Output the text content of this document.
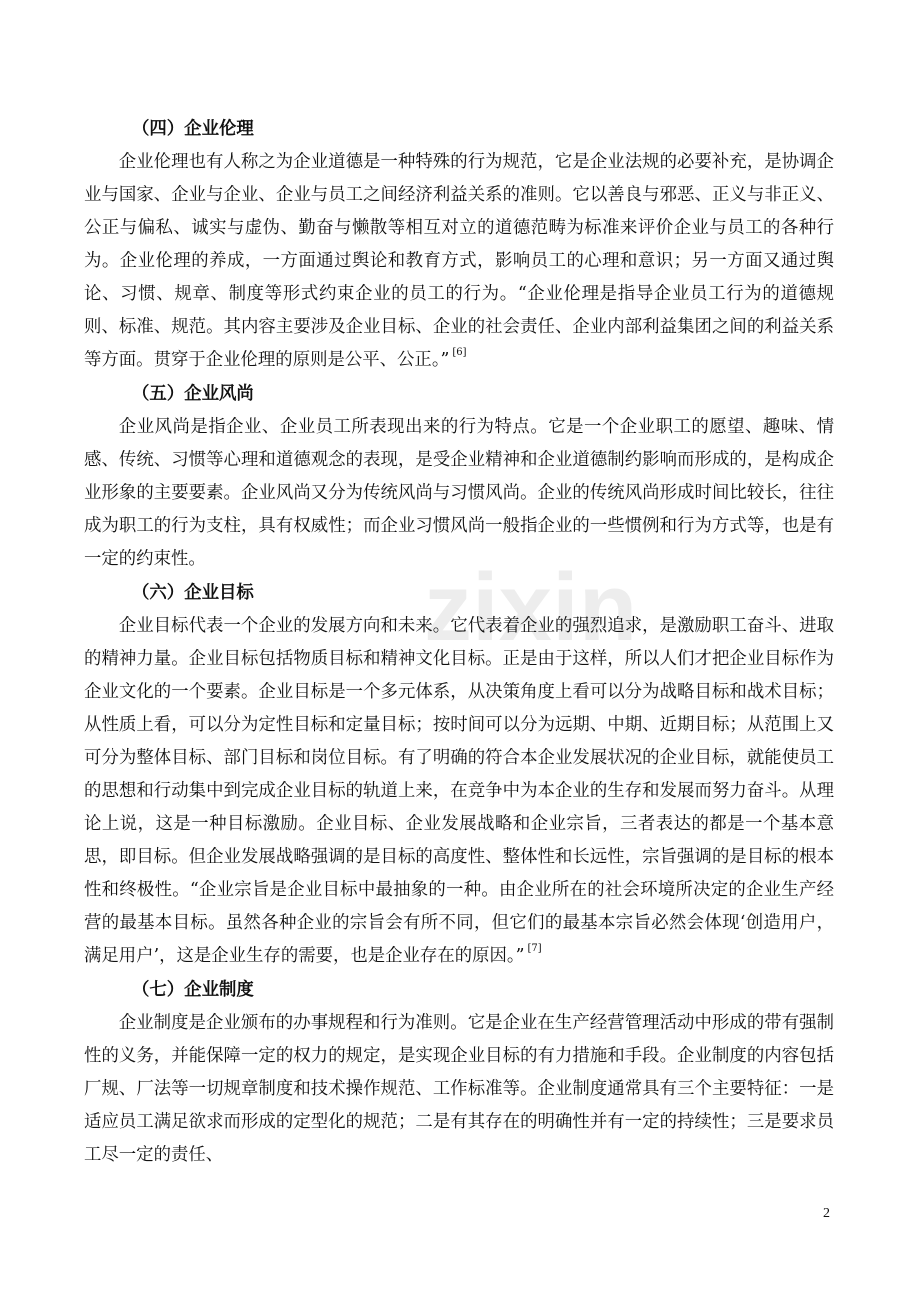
zixin
（四）企业伦理

企业伦理也有人称之为企业道德是一种特殊的行为规范，它是企业法规的必要补充，是协调企业与国家、企业与企业、企业与员工之间经济利益关系的准则。它以善良与邪恶、正义与非正义、公正与偏私、诚实与虚伪、勤奋与懒散等相互对立的道德范畴为标准来评价企业与员工的各种行为。企业伦理的养成，一方面通过舆论和教育方式，影响员工的心理和意识；另一方面又通过舆论、习惯、规章、制度等形式约束企业的员工的行为。“企业伦理是指导企业员工行为的道德规则、标准、规范。其内容主要涉及企业目标、企业的社会责任、企业内部利益集团之间的利益关系等方面。贯穿于企业伦理的原则是公平、公正。” [6]

（五）企业风尚

企业风尚是指企业、企业员工所表现出来的行为特点。它是一个企业职工的愿望、趣味、情感、传统、习惯等心理和道德观念的表现，是受企业精神和企业道德制约影响而形成的，是构成企业形象的主要要素。企业风尚又分为传统风尚与习惯风尚。企业的传统风尚形成时间比较长，往往成为职工的行为支柱，具有权威性；而企业习惯风尚一般指企业的一些惯例和行为方式等，也是有一定的约束性。

（六）企业目标

企业目标代表一个企业的发展方向和未来。它代表着企业的强烈追求，是激励职工奋斗、进取的精神力量。企业目标包括物质目标和精神文化目标。正是由于这样，所以人们才把企业目标作为企业文化的一个要素。企业目标是一个多元体系，从决策角度上看可以分为战略目标和战术目标；从性质上看，可以分为定性目标和定量目标；按时间可以分为远期、中期、近期目标；从范围上又可分为整体目标、部门目标和岗位目标。有了明确的符合本企业发展状况的企业目标，就能使员工的思想和行动集中到完成企业目标的轨道上来，在竞争中为本企业的生存和发展而努力奋斗。从理论上说，这是一种目标激励。企业目标、企业发展战略和企业宗旨，三者表达的都是一个基本意思，即目标。但企业发展战略强调的是目标的高度性、整体性和长远性，宗旨强调的是目标的根本性和终极性。“企业宗旨是企业目标中最抽象的一种。由企业所在的社会环境所决定的企业生产经营的最基本目标。虽然各种企业的宗旨会有所不同，但它们的最基本宗旨必然会体现‘创造用户，满足用户’，这是企业生存的需要，也是企业存在的原因。” [7]

（七）企业制度

企业制度是企业颁布的办事规程和行为准则。它是企业在生产经营管理活动中形成的带有强制性的义务，并能保障一定的权力的规定，是实现企业目标的有力措施和手段。企业制度的内容包括厂规、厂法等一切规章制度和技术操作规范、工作标准等。企业制度通常具有三个主要特征：一是适应员工满足欲求而形成的定型化的规范；二是有其存在的明确性并有一定的持续性；三是要求员工尽一定的责任、

2
